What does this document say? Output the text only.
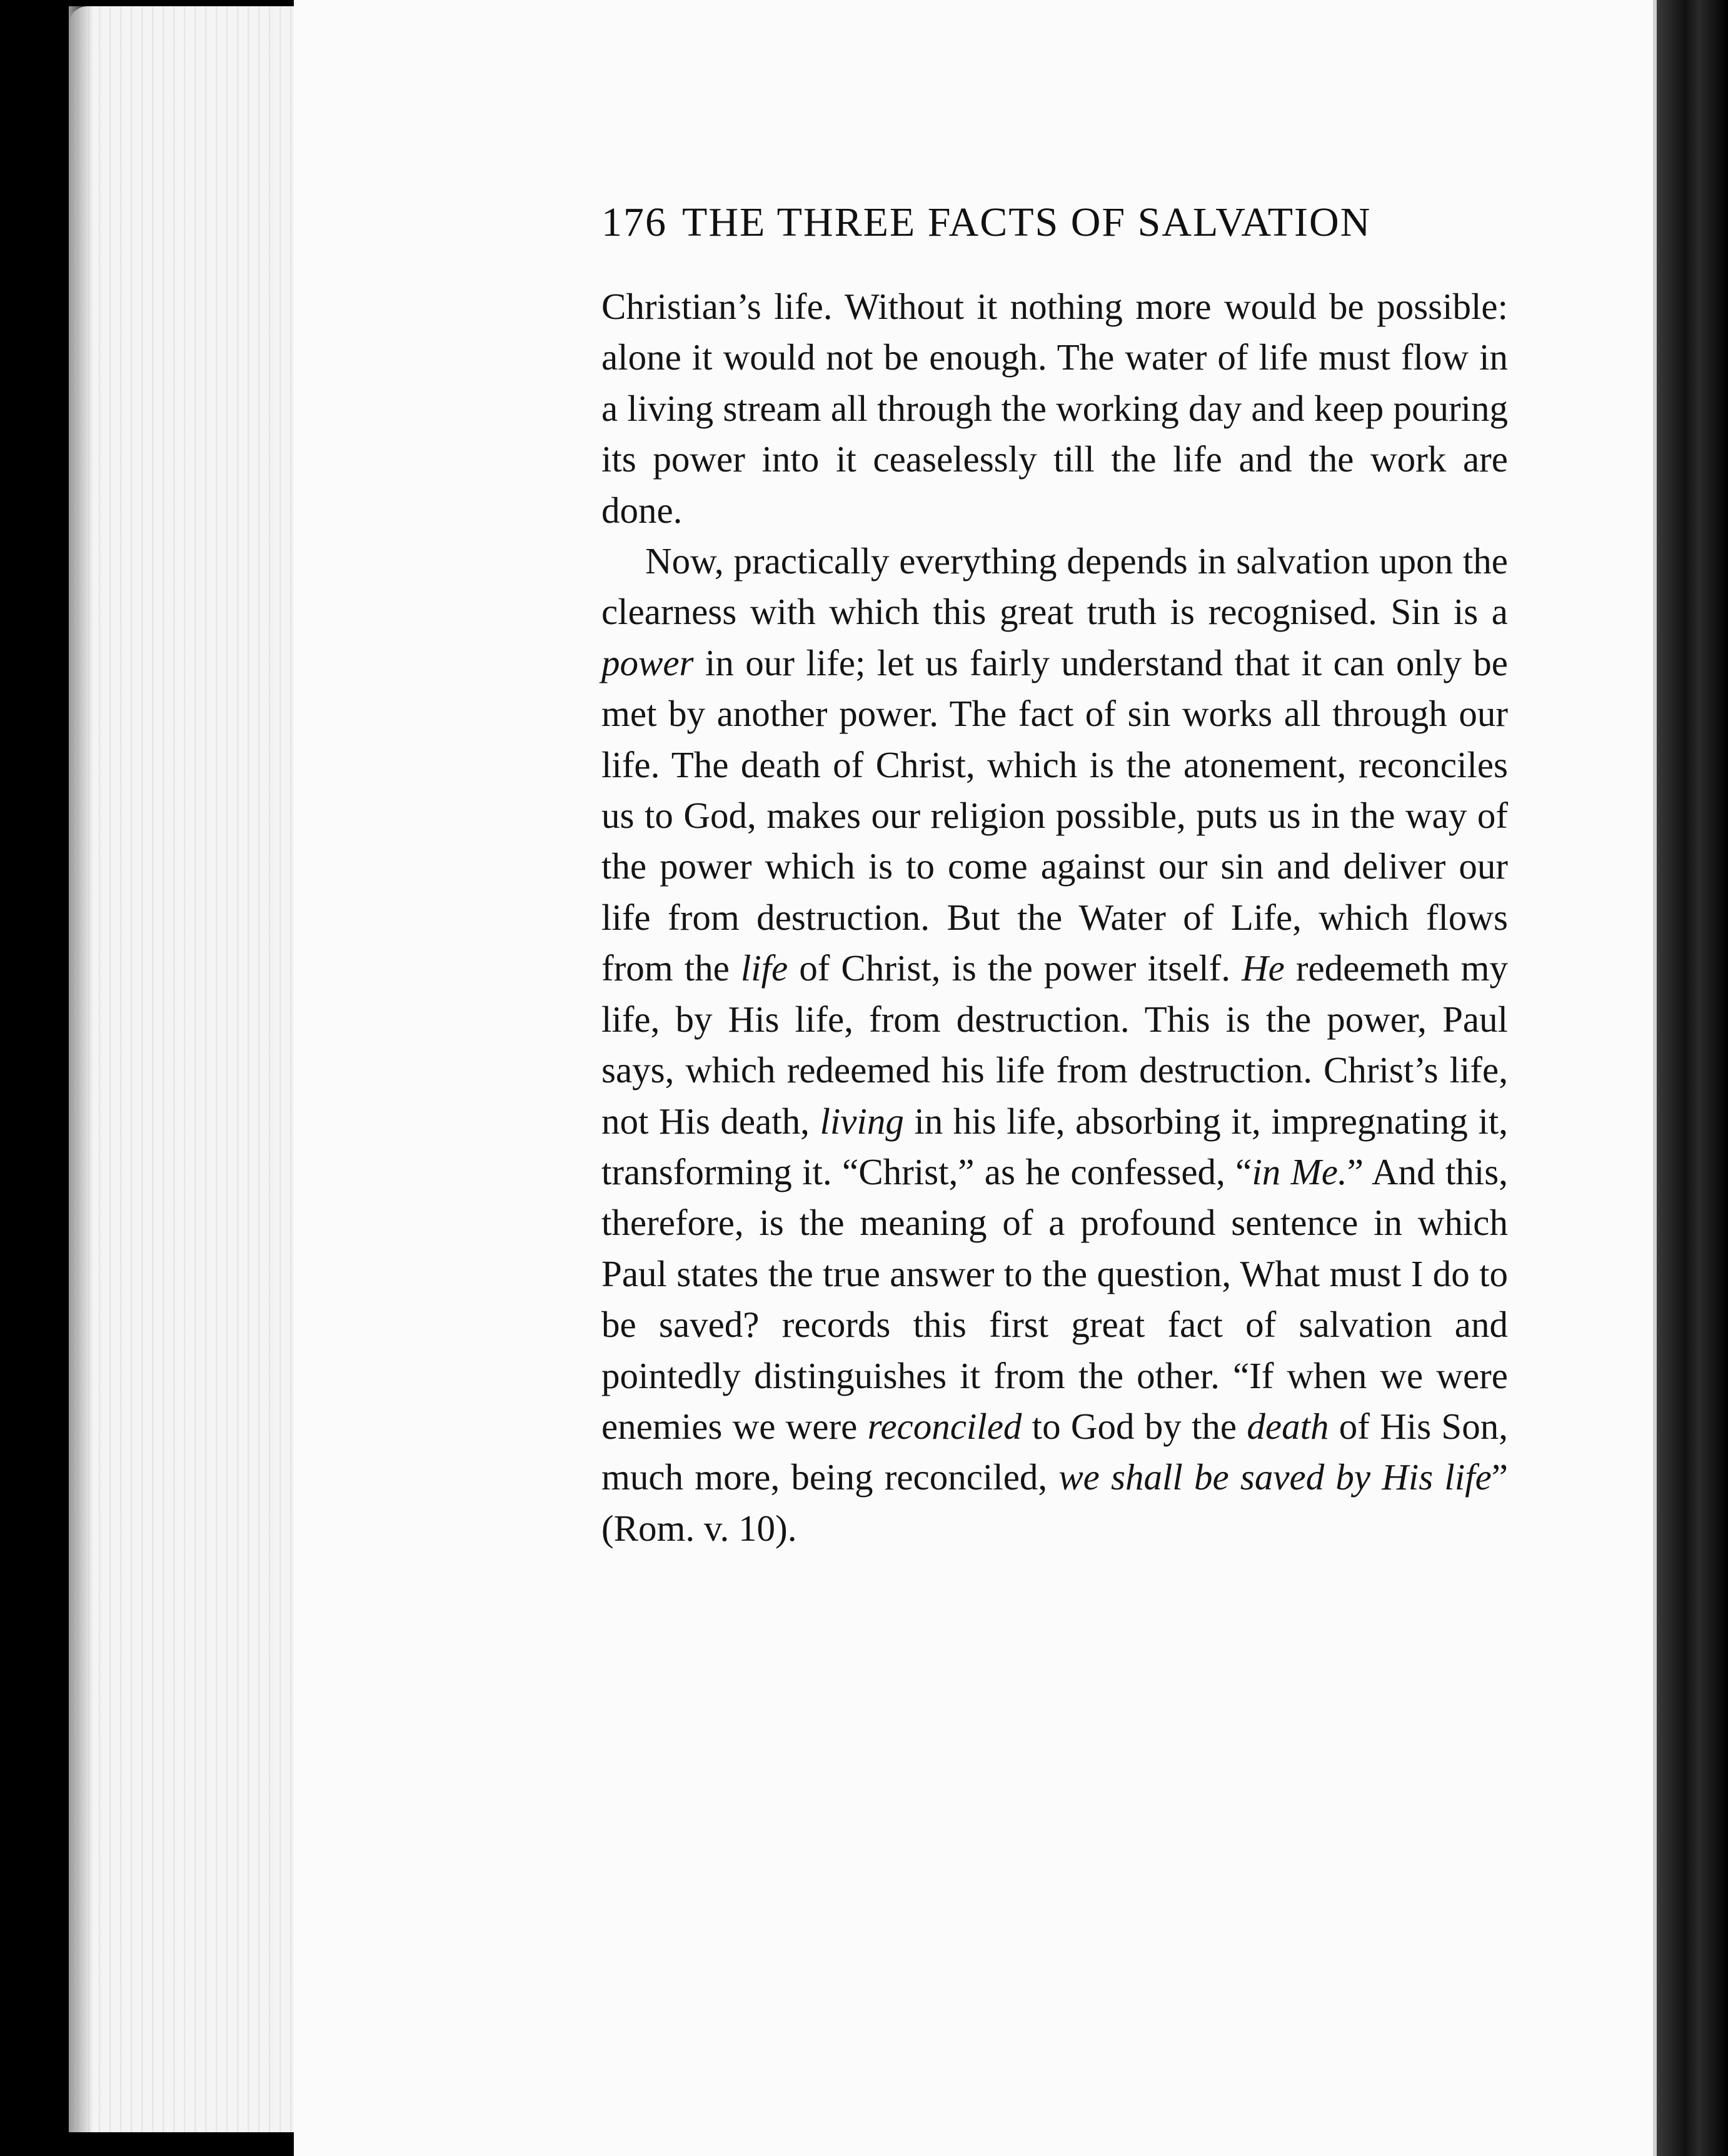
176 THE THREE FACTS OF SALVATION

Christian’s life. Without it nothing more would be possible: alone it would not be enough. The water of life must flow in a living stream all through the working day and keep pouring its power into it ceaselessly till the life and the work are done.

Now, practically everything depends in salvation upon the clearness with which this great truth is recognised. Sin is a power in our life; let us fairly understand that it can only be met by another power. The fact of sin works all through our life. The death of Christ, which is the atonement, reconciles us to God, makes our religion possible, puts us in the way of the power which is to come against our sin and deliver our life from destruction. But the Water of Life, which flows from the life of Christ, is the power itself. He redeemeth my life, by His life, from destruction. This is the power, Paul says, which redeemed his life from destruction. Christ’s life, not His death, living in his life, absorbing it, impregnating it, transforming it. “Christ,” as he confessed, “in Me.” And this, therefore, is the meaning of a profound sentence in which Paul states the true answer to the question, What must I do to be saved? records this first great fact of salvation and pointedly distinguishes it from the other. “If when we were enemies we were reconciled to God by the death of His Son, much more, being reconciled, we shall be saved by His life” (Rom. v. 10).
